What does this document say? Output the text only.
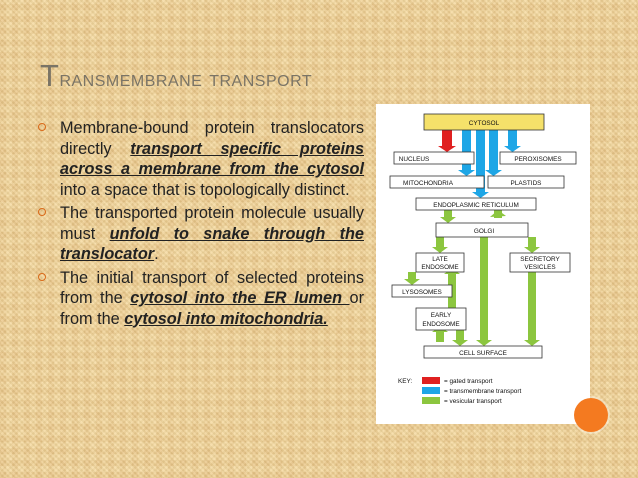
Transmembrane transport
Membrane-bound protein translocators directly transport specific proteins across a membrane from the cytosol into a space that is topologically distinct.
The transported protein molecule usually must unfold to snake through the translocator.
The initial transport of selected proteins from the cytosol into the ER lumen or from the cytosol into mitochondria.
CYTOSOL
NUCLEUS	PEROXISOMES
MITOCHONDRIA	PLASTIDS
ENDOPLASMIC RETICULUM
GOLGI
LATE
ENDOSOME
SECRETORY
VESICLES
LYSOSOMES
EARLY
ENDOSOME
CELL SURFACE
KEY:	= gated transport
= transmembrane transport
= vesicular transport
